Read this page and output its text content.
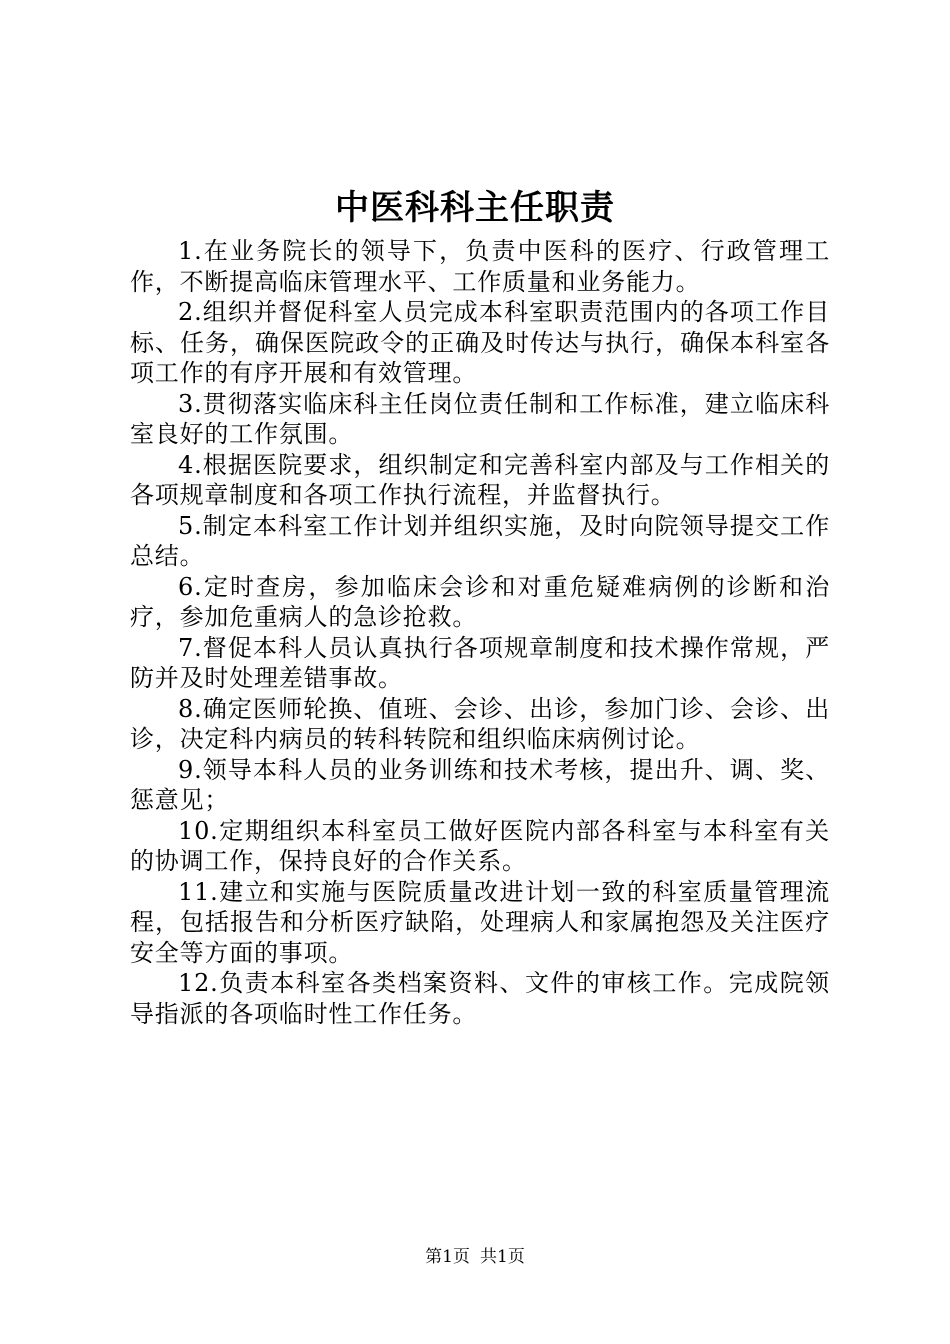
中医科科主任职责

1.在业务院长的领导下，负责中医科的医疗、行政管理工作，不断提高临床管理水平、工作质量和业务能力。

2.组织并督促科室人员完成本科室职责范围内的各项工作目标、任务，确保医院政令的正确及时传达与执行，确保本科室各项工作的有序开展和有效管理。

3.贯彻落实临床科主任岗位责任制和工作标准，建立临床科室良好的工作氛围。

4.根据医院要求，组织制定和完善科室内部及与工作相关的各项规章制度和各项工作执行流程，并监督执行。

5.制定本科室工作计划并组织实施，及时向院领导提交工作总结。

6.定时查房，参加临床会诊和对重危疑难病例的诊断和治疗，参加危重病人的急诊抢救。

7.督促本科人员认真执行各项规章制度和技术操作常规，严防并及时处理差错事故。

8.确定医师轮换、值班、会诊、出诊，参加门诊、会诊、出诊，决定科内病员的转科转院和组织临床病例讨论。

9.领导本科人员的业务训练和技术考核，提出升、调、奖、惩意见；

10.定期组织本科室员工做好医院内部各科室与本科室有关的协调工作，保持良好的合作关系。

11.建立和实施与医院质量改进计划一致的科室质量管理流程，包括报告和分析医疗缺陷，处理病人和家属抱怨及关注医疗安全等方面的事项。

12.负责本科室各类档案资料、文件的审核工作。完成院领导指派的各项临时性工作任务。

第1页 共1页
